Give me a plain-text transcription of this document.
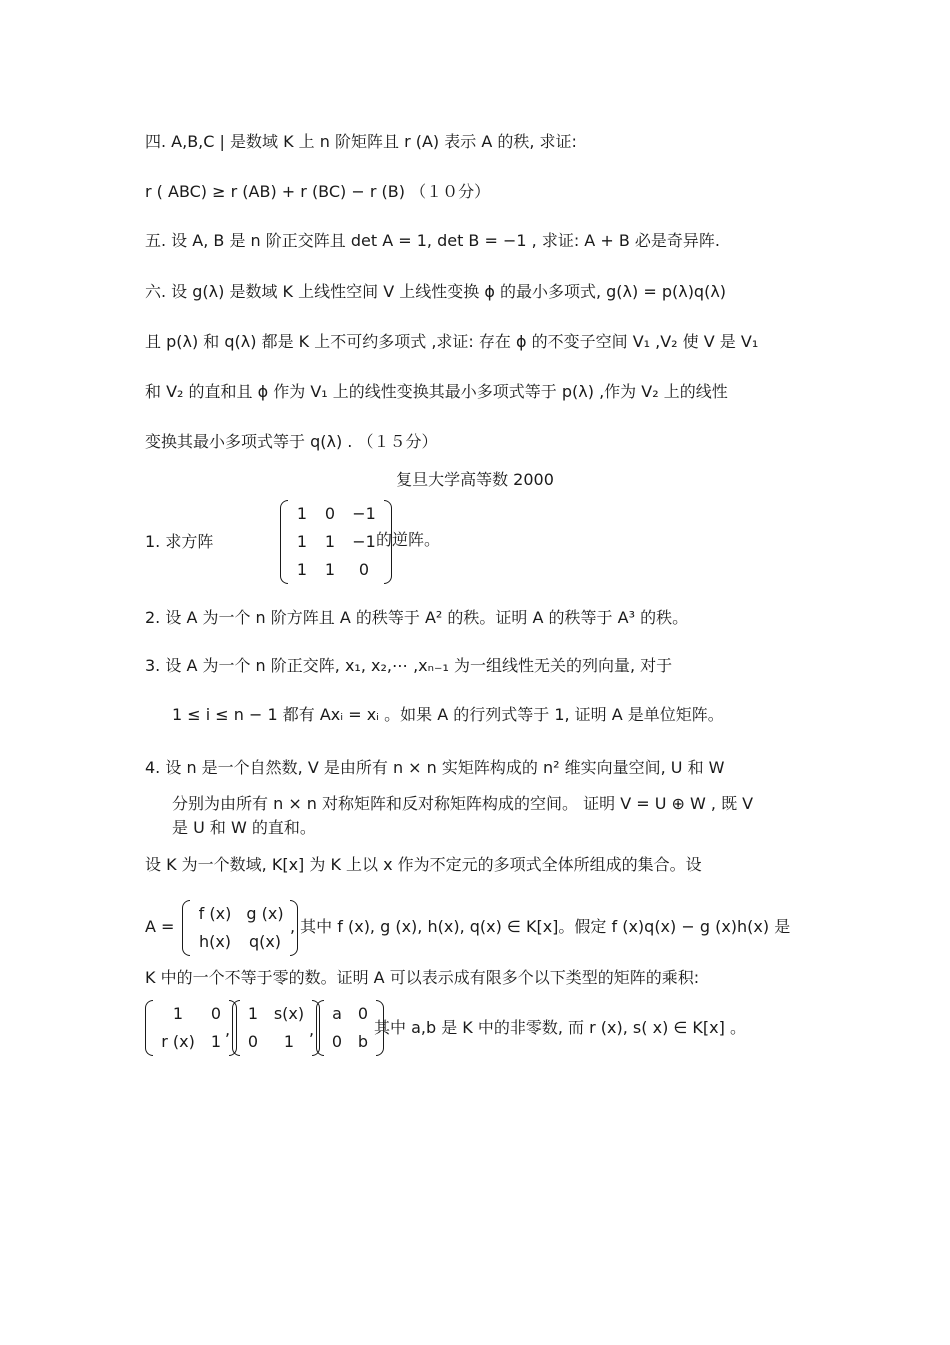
四. A,B,C | 是数域 K 上 n 阶矩阵且 r (A) 表示 A 的秩, 求证:
r ( ABC) ≥ r (AB) + r (BC) − r (B) （１０分）
五. 设 A, B 是 n 阶正交阵且 det A = 1, det B = −1 , 求证: A + B 必是奇异阵.
六. 设 g(λ) 是数域 K 上线性空间 V 上线性变换 ϕ 的最小多项式, g(λ) = p(λ)q(λ)
且 p(λ) 和 q(λ) 都是 K 上不可约多项式 ,求证: 存在 ϕ 的不变子空间 V₁ ,V₂ 使 V 是 V₁
和 V₂ 的直和且 ϕ 作为 V₁ 上的线性变换其最小多项式等于 p(λ) ,作为 V₂ 上的线性
变换其最小多项式等于 q(λ) . （１５分）
复旦大学高等数 2000
1. 求方阵
1	0	−1
1	1	−1
1	1	0
的逆阵。
2. 设 A 为一个 n 阶方阵且 A 的秩等于 A² 的秩。证明 A 的秩等于 A³ 的秩。
3. 设 A 为一个 n 阶正交阵, x₁, x₂,⋯ ,xₙ₋₁ 为一组线性无关的列向量, 对于
1 ≤ i ≤ n − 1 都有 Axᵢ = xᵢ 。如果 A 的行列式等于 1, 证明 A 是单位矩阵。
4. 设 n 是一个自然数, V 是由所有 n × n 实矩阵构成的 n² 维实向量空间, U 和 W
分别为由所有 n × n 对称矩阵和反对称矩阵构成的空间。 证明 V = U ⊕ W , 既 V
是 U 和 W 的直和。
设 K 为一个数域, K[x] 为 K 上以 x 作为不定元的多项式全体所组成的集合。设
A =
f (x) g (x)
h(x)	q(x)
, 其中 f (x), g (x), h(x), q(x) ∈ K[x]。假定 f (x)q(x) − g (x)h(x) 是
K 中的一个不等于零的数。证明 A 可以表示成有限多个以下类型的矩阵的乘积:
1	0
r (x)	1
,
1 s(x)
0	1
,
a	0
0 b
其中 a,b 是 K 中的非零数, 而 r (x), s( x) ∈ K[x] 。
